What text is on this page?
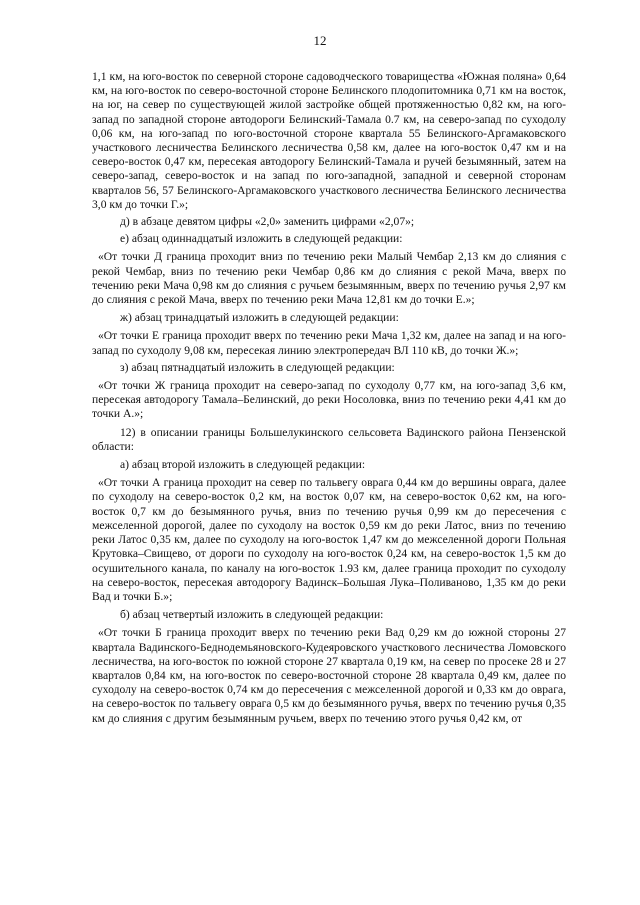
12

1,1 км, на юго-восток по северной стороне садоводческого товарищества «Южная поляна» 0,64 км, на юго-восток по северо-восточной стороне Белинского плодопитомника 0,71 км на восток, на юг, на север по существующей жилой застройке общей протяженностью 0,82 км, на юго-запад по западной стороне автодороги Белинский-Тамала 0.7 км, на северо-запад по суходолу 0,06 км, на юго-запад по юго-восточной стороне квартала 55 Белинского-Аргамаковского участкового лесничества Белинского лесничества 0,58 км, далее на юго-восток 0,47 км и на северо-восток 0,47 км, пересекая автодорогу Белинский-Тамала и ручей безымянный, затем на северо-запад, северо-восток и на запад по юго-западной, западной и северной сторонам кварталов 56, 57 Белинского-Аргамаковского участкового лесничества Белинского лесничества 3,0 км до точки Г.»;

д) в абзаце девятом цифры «2,0» заменить цифрами «2,07»;

е) абзац одиннадцатый изложить в следующей редакции:

«От точки Д граница проходит вниз по течению реки Малый Чембар 2,13 км до слияния с рекой Чембар, вниз по течению реки Чембар 0,86 км до слияния с рекой Мача, вверх по течению реки Мача 0,98 км до слияния с ручьем безымянным, вверх по течению ручья 2,97 км до слияния с рекой Мача, вверх по течению реки Мача 12,81 км до точки Е.»;

ж) абзац тринадцатый изложить в следующей редакции:

«От точки Е граница проходит вверх по течению реки Мача 1,32 км, далее на запад и на юго-запад по суходолу 9,08 км, пересекая линию электропередач ВЛ 110 кВ, до точки Ж.»;

з) абзац пятнадцатый изложить в следующей редакции:

«От точки Ж граница проходит на северо-запад по суходолу 0,77 км, на юго-запад 3,6 км, пересекая автодорогу Тамала–Белинский, до реки Носоловка, вниз по течению реки 4,41 км до точки А.»;

12) в описании границы Большелукинского сельсовета Вадинского района Пензенской области:

а) абзац второй изложить в следующей редакции:

«От точки А граница проходит на север по тальвегу оврага 0,44 км до вершины оврага, далее по суходолу на северо-восток 0,2 км, на восток 0,07 км, на северо-восток 0,62 км, на юго-восток 0,7 км до безымянного ручья, вниз по течению ручья 0,99 км до пересечения с межселенной дорогой, далее по суходолу на восток 0,59 км до реки Латос, вниз по течению реки Латос 0,35 км, далее по суходолу на юго-восток 1,47 км до межселенной дороги Польная Крутовка–Свищево, от дороги по суходолу на юго-восток 0,24 км, на северо-восток 1,5 км до осушительного канала, по каналу на юго-восток 1.93 км, далее граница проходит по суходолу на северо-восток, пересекая автодорогу Вадинск–Большая Лука–Поливаново, 1,35 км до реки Вад и точки Б.»;

б) абзац четвертый изложить в следующей редакции:

«От точки Б граница проходит вверх по течению реки Вад 0,29 км до южной стороны 27 квартала Вадинского-Беднодемьяновского-Кудеяровского участкового лесничества Ломовского лесничества, на юго-восток по южной стороне 27 квартала 0,19 км, на север по просеке 28 и 27 кварталов 0,84 км, на юго-восток по северо-восточной стороне 28 квартала 0,49 км, далее по суходолу на северо-восток 0,74 км до пересечения с межселенной дорогой и 0,33 км до оврага, на северо-восток по тальвегу оврага 0,5 км до безымянного ручья, вверх по течению ручья 0,35 км до слияния с другим безымянным ручьем, вверх по течению этого ручья 0,42 км, от
